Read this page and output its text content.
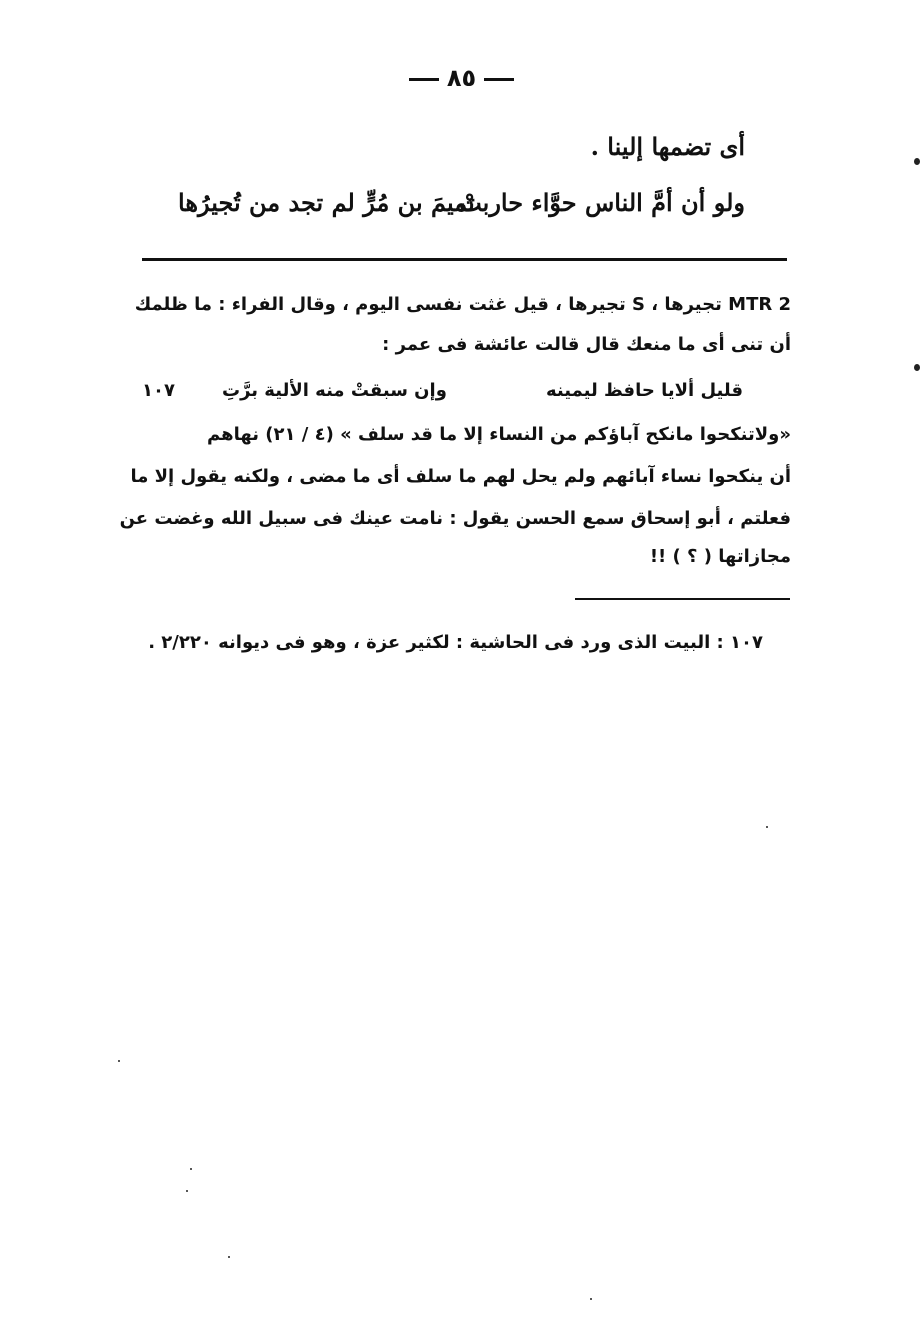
٨٥
أى تضمها إلينا .
ولو أن أمَّ الناس حوَّاء حاربتْ
تميمَ بن مُرٍّ لم تجد من تُجيرُها
MTR 2 تجيرها ، S تجيرها ، قيل غثت نفسى اليوم ، وقال الفراء : ما ظلمك
أن تنى أى ما منعك قال قالت عائشة فى عمر :
قليل ألايا حافظ ليمينه
وإن سبقتْ منه الألية برَّتِ
١٠٧
«ولاتنكحوا مانكح آباؤكم من النساء إلا ما قد سلف » (٤ / ٢١) نهاهم
أن ينكحوا نساء آبائهم ولم يحل لهم ما سلف أى ما مضى ، ولكنه يقول إلا ما
فعلتم ، أبو إسحاق سمع الحسن يقول : نامت عينك فى سبيل الله وغضت عن
مجازاتها ( ؟ ) !!
١٠٧ : البيت الذى ورد فى الحاشية : لكثير عزة ، وهو فى ديوانه ٢/٢٢٠ .
